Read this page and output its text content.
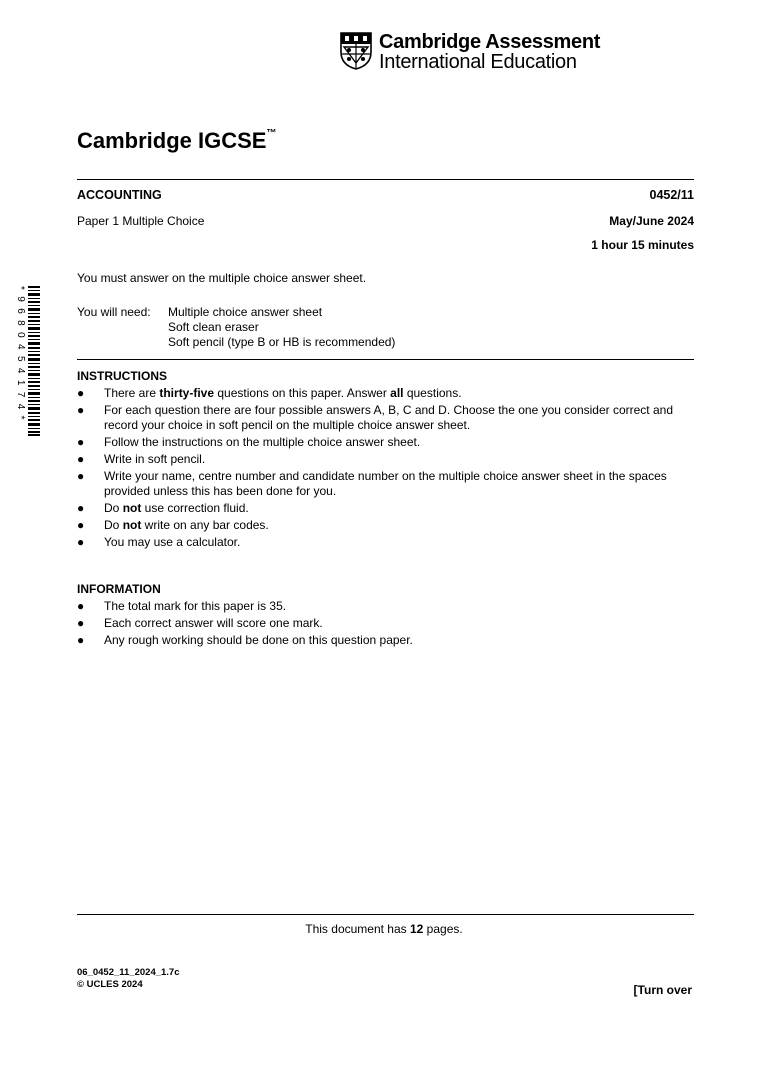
Cambridge Assessment
International Education
Cambridge IGCSE™
ACCOUNTING	0452/11
Paper 1 Multiple Choice	May/June 2024
1 hour 15 minutes
You must answer on the multiple choice answer sheet.
You will need: Multiple choice answer sheet
Soft clean eraser
Soft pencil (type B or HB is recommended)
* 9 6 8 0 4 5 4 1 7 4 *	INSTRUCTIONS
● There are thirty-five questions on this paper. Answer all questions.
● For each question there are four possible answers A, B, C and D. Choose the one you consider correct and record your choice in soft pencil on the multiple choice answer sheet.
● Follow the instructions on the multiple choice answer sheet.
● Write in soft pencil.
● Write your name, centre number and candidate number on the multiple choice answer sheet in the spaces provided unless this has been done for you.
● Do not use correction fluid.
● Do not write on any bar codes.
● You may use a calculator.
INFORMATION
● The total mark for this paper is 35.
● Each correct answer will score one mark.
● Any rough working should be done on this question paper.
This document has 12 pages.
06_0452_11_2024_1.7c
© UCLES 2024	[Turn over
